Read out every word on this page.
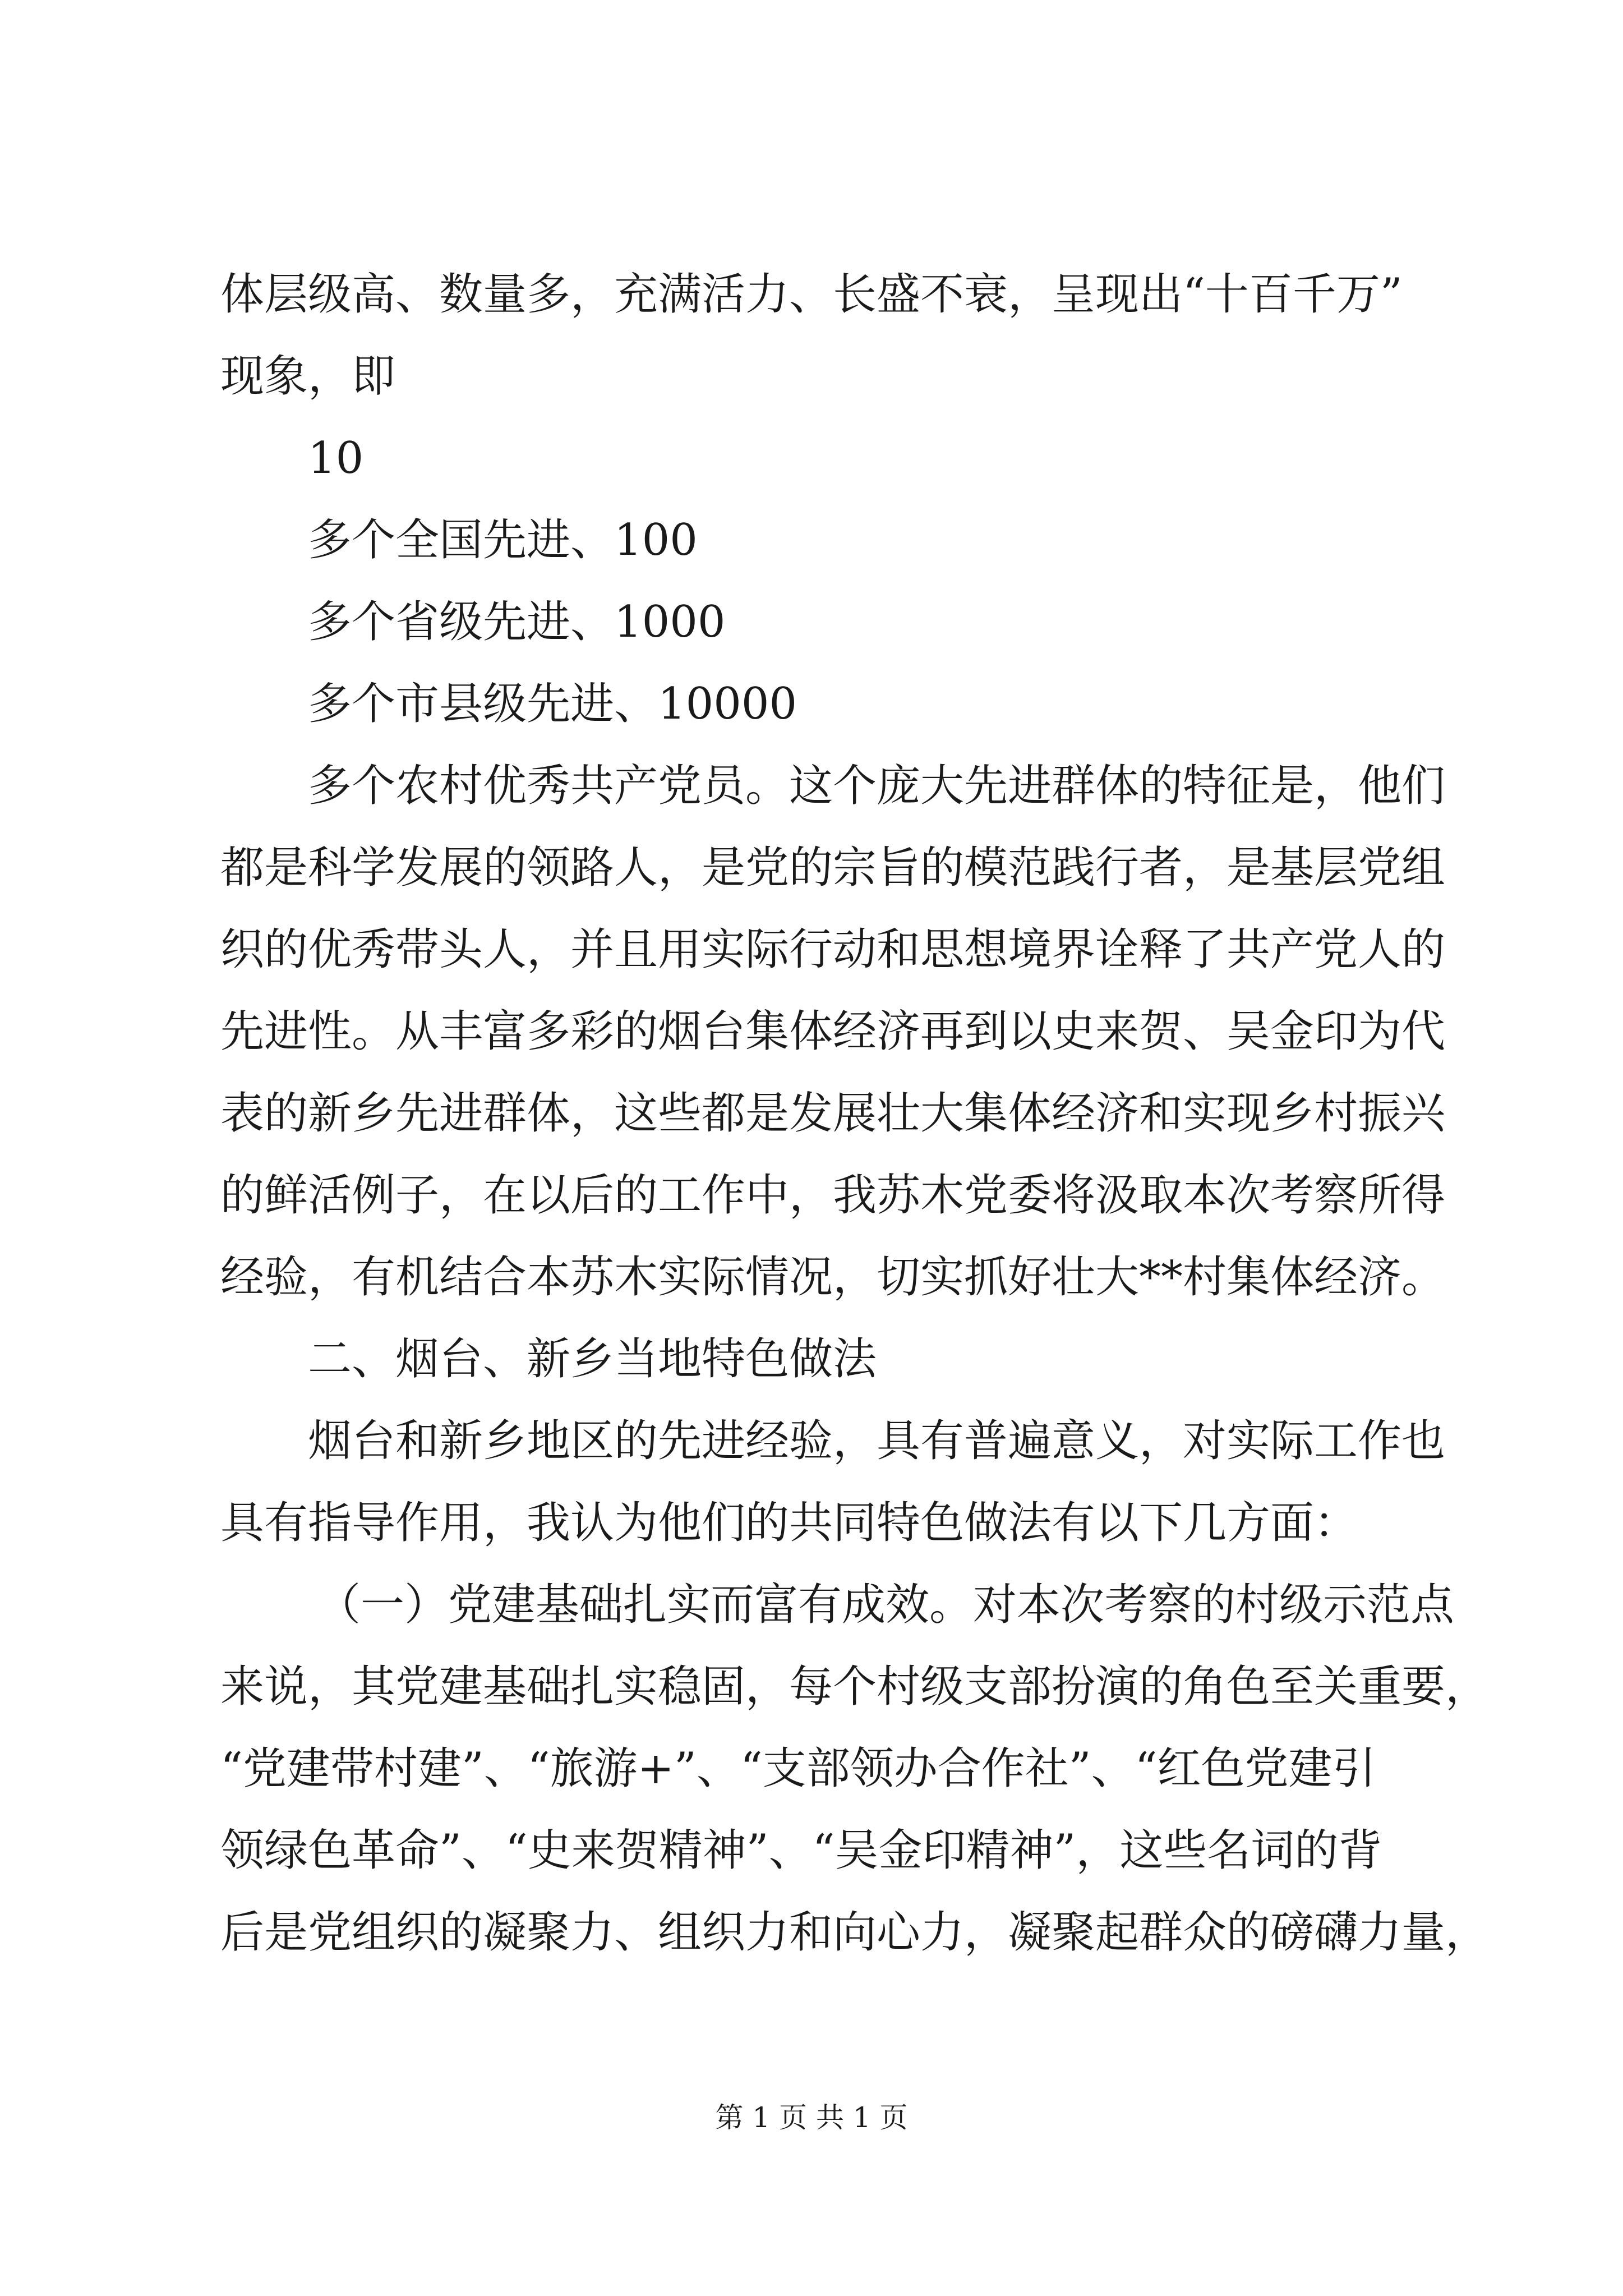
体层级高、数量多，充满活力、长盛不衰，呈现出“十百千万”
现象，即
10
多个全国先进、100
多个省级先进、1000
多个市县级先进、10000
多个农村优秀共产党员。这个庞大先进群体的特征是，他们
都是科学发展的领路人，是党的宗旨的模范践行者，是基层党组
织的优秀带头人，并且用实际行动和思想境界诠释了共产党人的
先进性。从丰富多彩的烟台集体经济再到以史来贺、吴金印为代
表的新乡先进群体，这些都是发展壮大集体经济和实现乡村振兴
的鲜活例子，在以后的工作中，我苏木党委将汲取本次考察所得
经验，有机结合本苏木实际情况，切实抓好壮大**村集体经济。
二、烟台、新乡当地特色做法
烟台和新乡地区的先进经验，具有普遍意义，对实际工作也
具有指导作用，我认为他们的共同特色做法有以下几方面：
（一）党建基础扎实而富有成效。对本次考察的村级示范点
来说，其党建基础扎实稳固，每个村级支部扮演的角色至关重要，
“党建带村建”、“旅游+”、“支部领办合作社”、“红色党建引
领绿色革命”、“史来贺精神”、“吴金印精神”，这些名词的背
后是党组织的凝聚力、组织力和向心力，凝聚起群众的磅礴力量，
第 1 页 共 1 页
